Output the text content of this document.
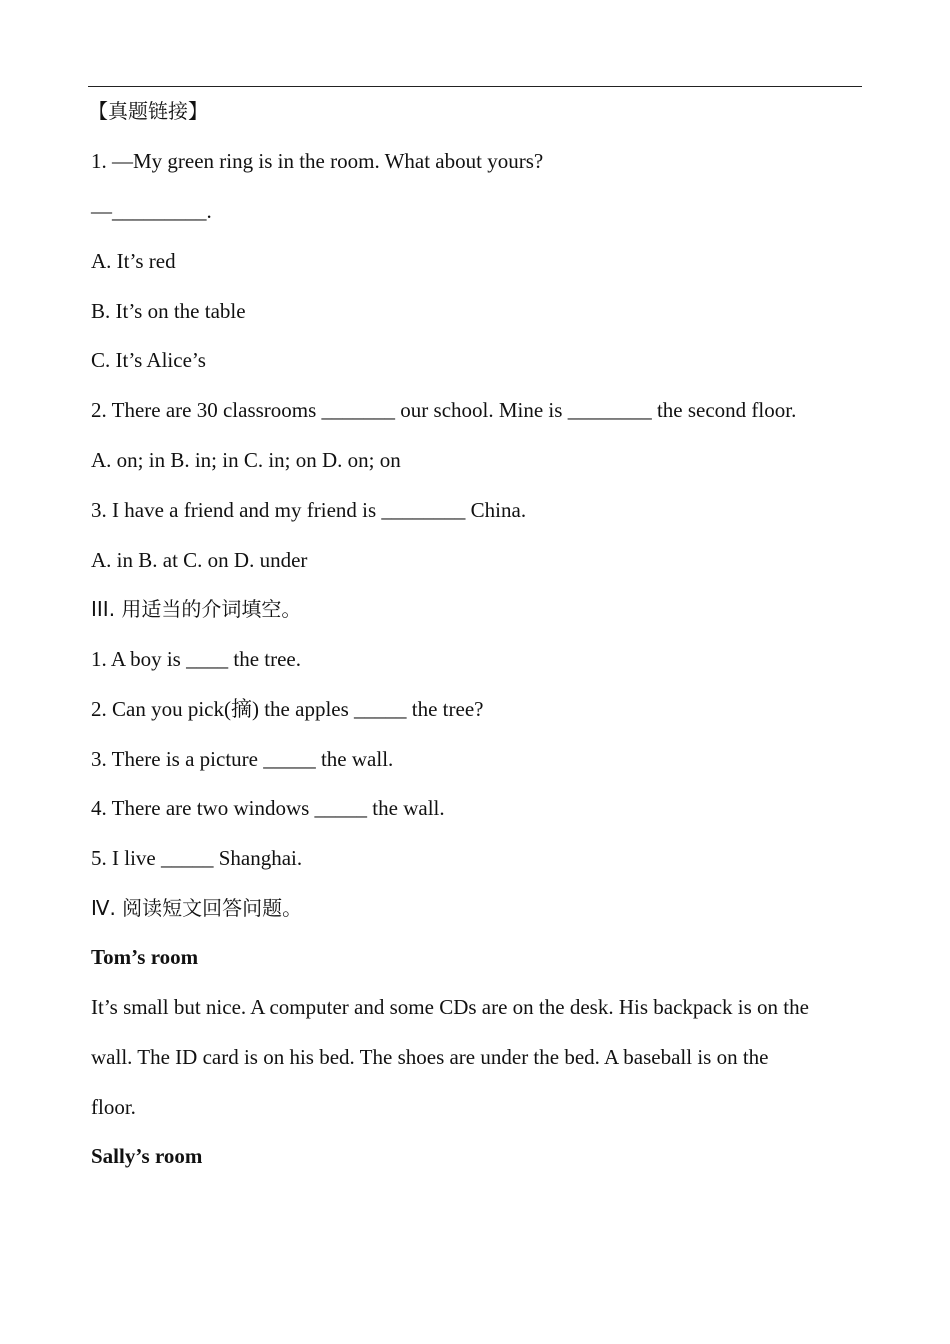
【真题链接】
1. —My green ring is in the room. What about yours?
—_________.
A. It’s red
B. It’s on the table
C. It’s Alice’s
2. There are 30 classrooms _______ our school. Mine is ________ the second floor.
A. on; in B. in; in C. in; on D. on; on
3. I have a friend and my friend is ________ China.
A. in B. at C. on D. under
III. 用适当的介词填空。
1. A boy is ____ the tree.
2. Can you pick(摘) the apples _____ the tree?
3. There is a picture _____ the wall.
4. There are two windows _____ the wall.
5. I live _____ Shanghai.
Ⅳ. 阅读短文回答问题。
Tom’s room
It’s small but nice. A computer and some CDs are on the desk. His backpack is on the
wall. The ID card is on his bed. The shoes are under the bed. A baseball is on the
floor.
Sally’s room
